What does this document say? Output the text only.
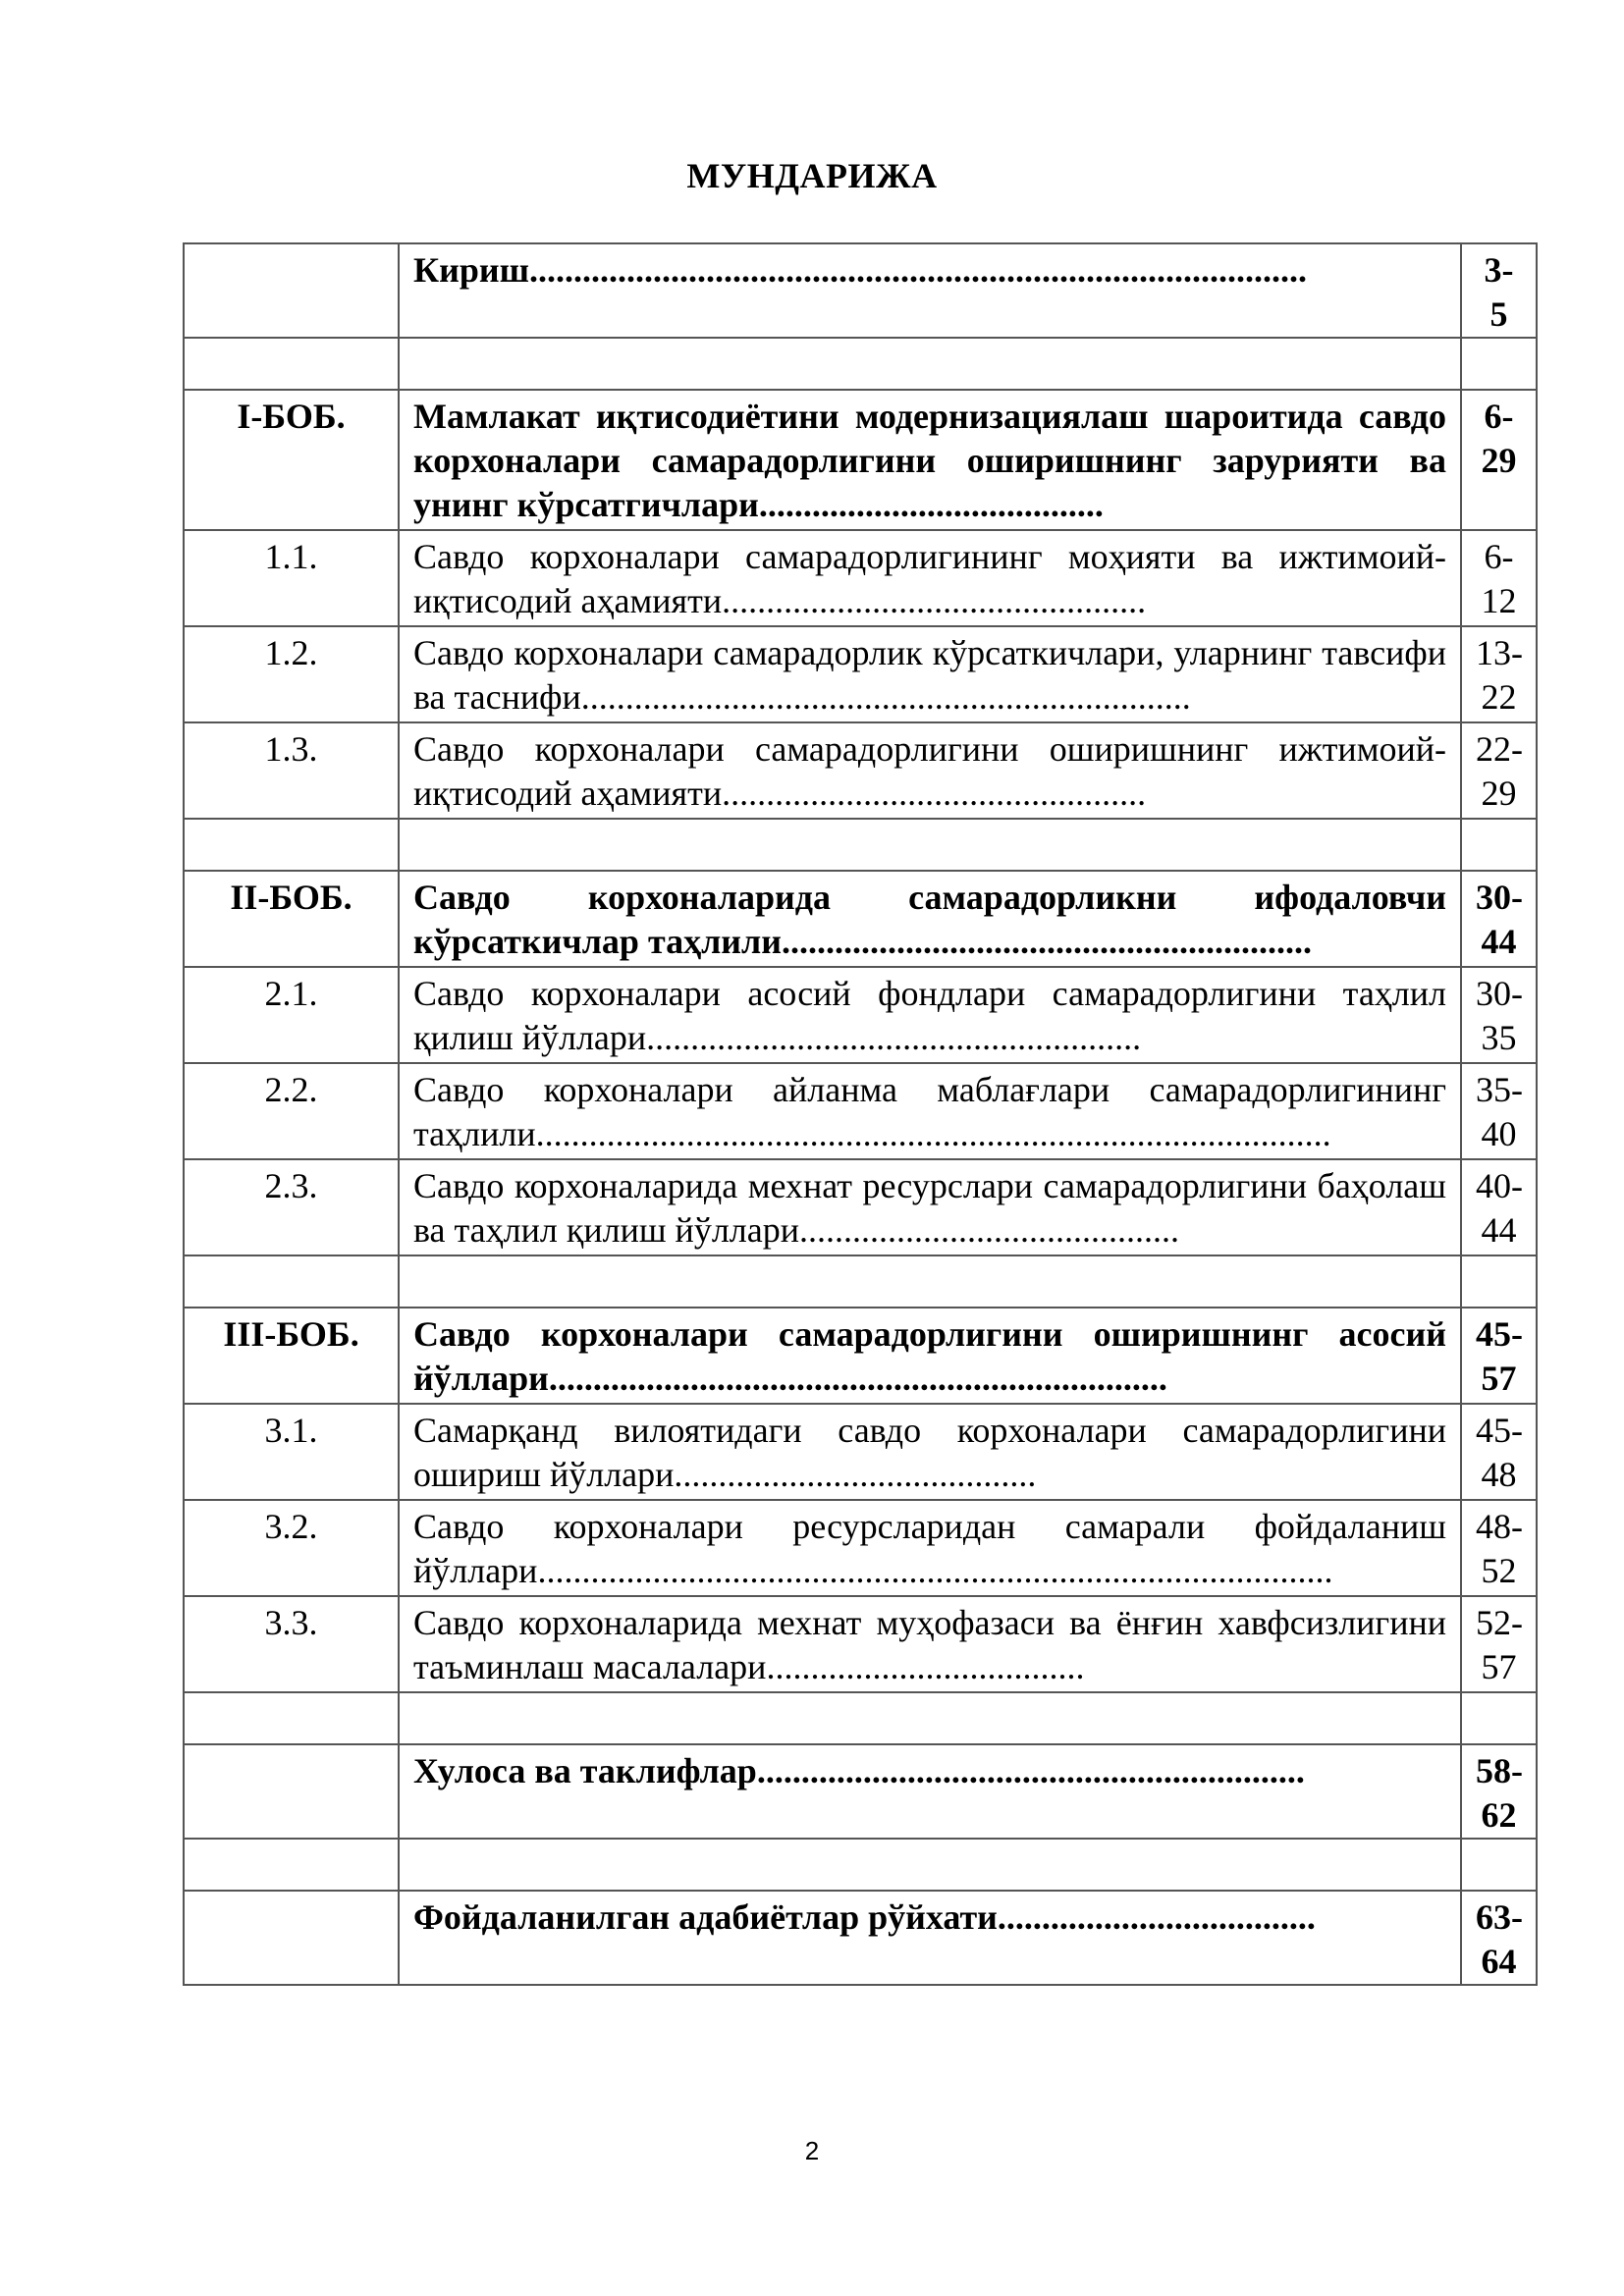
МУНДАРИЖА
	Кириш........................................................................................	3-5

I-БОБ.	Мамлакат иқтисодиётини модернизациялаш шароитида савдо корхоналари самарадорлигини оширишнинг зарурияти ва унинг кўрсатгичлари.......................................	6-29
1.1.	Савдо корхоналари самарадорлигининг моҳияти ва ижтимоий-иқтисодий аҳамияти................................................	6-12
1.2.	Савдо корхоналари самарадорлик кўрсаткичлари, уларнинг тавсифи ва таснифи.....................................................................	13-22
1.3.	Савдо корхоналари самарадорлигини оширишнинг ижтимоий-иқтисодий аҳамияти................................................	22-29

II-БОБ.	Савдо корхоналарида самарадорликни ифодаловчи кўрсаткичлар таҳлили............................................................	30-44
2.1.	Савдо корхоналари асосий фондлари самарадорлигини таҳлил қилиш йўллари........................................................	30-35
2.2.	Савдо корхоналари айланма маблағлари самарадорлигининг таҳлили..........................................................................................	35-40
2.3.	Савдо корхоналарида мехнат ресурслари самарадорлигини баҳолаш ва таҳлил қилиш йўллари...........................................	40-44

III-БОБ.	Савдо корхоналари самарадорлигини оширишнинг асосий йўллари......................................................................	45-57
3.1.	Самарқанд вилоятидаги савдо корхоналари самарадорлигини ошириш йўллари.........................................	45-48
3.2.	Савдо корхоналари ресурсларидан самарали фойдаланиш йўллари..........................................................................................	48-52
3.3.	Савдо корхоналарида мехнат муҳофазаси ва ёнғин хавфсизлигини таъминлаш масалалари....................................	52-57

	Хулоса ва таклифлар..............................................................	58-62

	Фойдаланилган адабиётлар рўйхати....................................	63-64
2
